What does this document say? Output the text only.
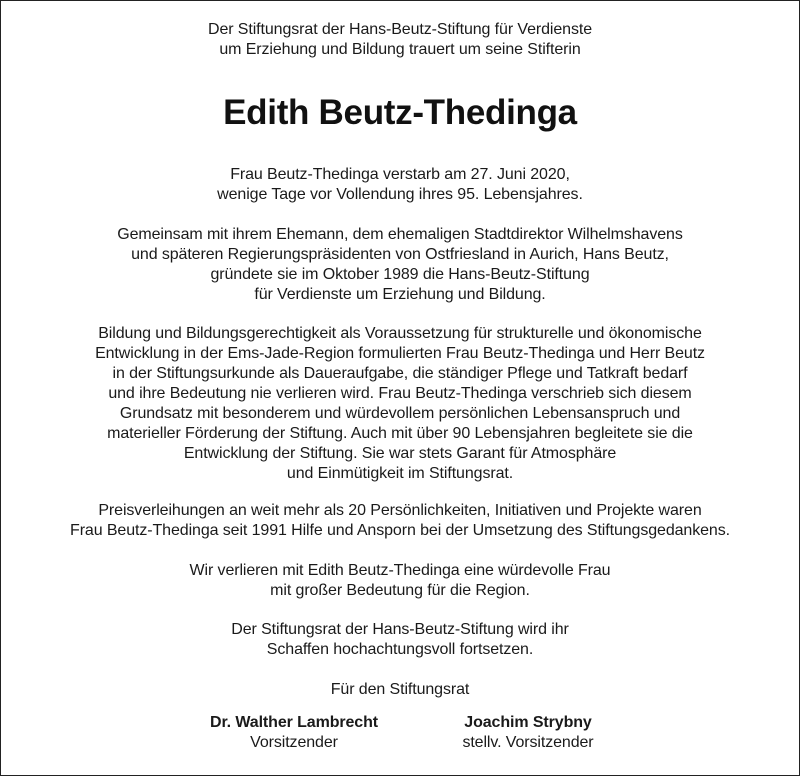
Der Stiftungsrat der Hans-Beutz-Stiftung für Verdienste
um Erziehung und Bildung trauert um seine Stifterin
Edith Beutz-Thedinga
Frau Beutz-Thedinga verstarb am 27. Juni 2020,
wenige Tage vor Vollendung ihres 95. Lebensjahres.
Gemeinsam mit ihrem Ehemann, dem ehemaligen Stadtdirektor Wilhelmshavens
und späteren Regierungspräsidenten von Ostfriesland in Aurich, Hans Beutz,
gründete sie im Oktober 1989 die Hans-Beutz-Stiftung
für Verdienste um Erziehung und Bildung.
Bildung und Bildungsgerechtigkeit als Voraussetzung für strukturelle und ökonomische
Entwicklung in der Ems-Jade-Region formulierten Frau Beutz-Thedinga und Herr Beutz
in der Stiftungsurkunde als Daueraufgabe, die ständiger Pflege und Tatkraft bedarf
und ihre Bedeutung nie verlieren wird. Frau Beutz-Thedinga verschrieb sich diesem
Grundsatz mit besonderem und würdevollem persönlichen Lebensanspruch und
materieller Förderung der Stiftung. Auch mit über 90 Lebensjahren begleitete sie die
Entwicklung der Stiftung. Sie war stets Garant für Atmosphäre
und Einmütigkeit im Stiftungsrat.
Preisverleihungen an weit mehr als 20 Persönlichkeiten, Initiativen und Projekte waren
Frau Beutz-Thedinga seit 1991 Hilfe und Ansporn bei der Umsetzung des Stiftungsgedankens.
Wir verlieren mit Edith Beutz-Thedinga eine würdevolle Frau
mit großer Bedeutung für die Region.
Der Stiftungsrat der Hans-Beutz-Stiftung wird ihr
Schaffen hochachtungsvoll fortsetzen.
Für den Stiftungsrat
Dr. Walther Lambrecht
Vorsitzender
Joachim Strybny
stellv. Vorsitzender
